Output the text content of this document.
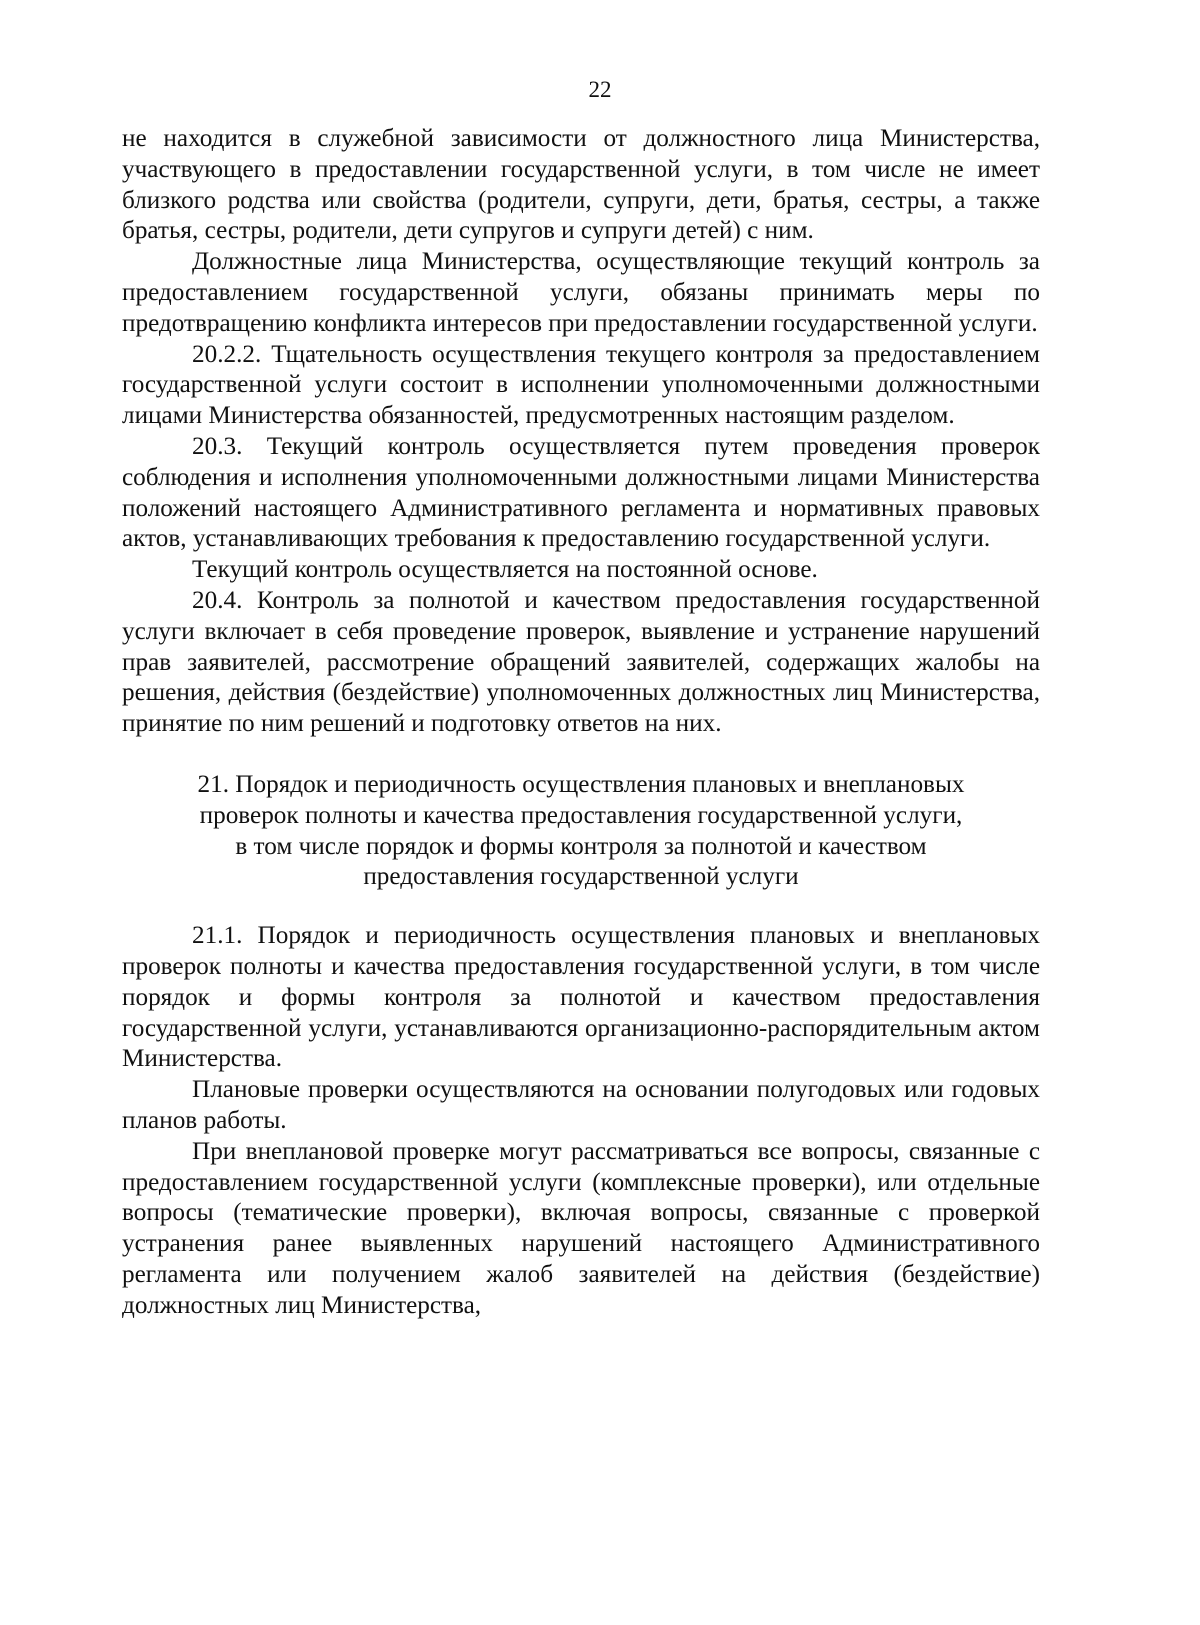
22

не находится в служебной зависимости от должностного лица Министерства, участвующего в предоставлении государственной услуги, в том числе не имеет близкого родства или свойства (родители, супруги, дети, братья, сестры, а также братья, сестры, родители, дети супругов и супруги детей) с ним.

Должностные лица Министерства, осуществляющие текущий контроль за предоставлением государственной услуги, обязаны принимать меры по предотвращению конфликта интересов при предоставлении государственной услуги.

20.2.2. Тщательность осуществления текущего контроля за предоставлением государственной услуги состоит в исполнении уполномоченными должностными лицами Министерства обязанностей, предусмотренных настоящим разделом.

20.3. Текущий контроль осуществляется путем проведения проверок соблюдения и исполнения уполномоченными должностными лицами Министерства положений настоящего Административного регламента и нормативных правовых актов, устанавливающих требования к предоставлению государственной услуги.

Текущий контроль осуществляется на постоянной основе.

20.4. Контроль за полнотой и качеством предоставления государственной услуги включает в себя проведение проверок, выявление и устранение нарушений прав заявителей, рассмотрение обращений заявителей, содержащих жалобы на решения, действия (бездействие) уполномоченных должностных лиц Министерства, принятие по ним решений и подготовку ответов на них.

21. Порядок и периодичность осуществления плановых и внеплановых
проверок полноты и качества предоставления государственной услуги,
в том числе порядок и формы контроля за полнотой и качеством
предоставления государственной услуги

21.1. Порядок и периодичность осуществления плановых и внеплановых проверок полноты и качества предоставления государственной услуги, в том числе порядок и формы контроля за полнотой и качеством предоставления государственной услуги, устанавливаются организационно-распорядительным актом Министерства.

Плановые проверки осуществляются на основании полугодовых или годовых планов работы.

При внеплановой проверке могут рассматриваться все вопросы, связанные с предоставлением государственной услуги (комплексные проверки), или отдельные вопросы (тематические проверки), включая вопросы, связанные с проверкой устранения ранее выявленных нарушений настоящего Административного регламента или получением жалоб заявителей на действия (бездействие) должностных лиц Министерства,
